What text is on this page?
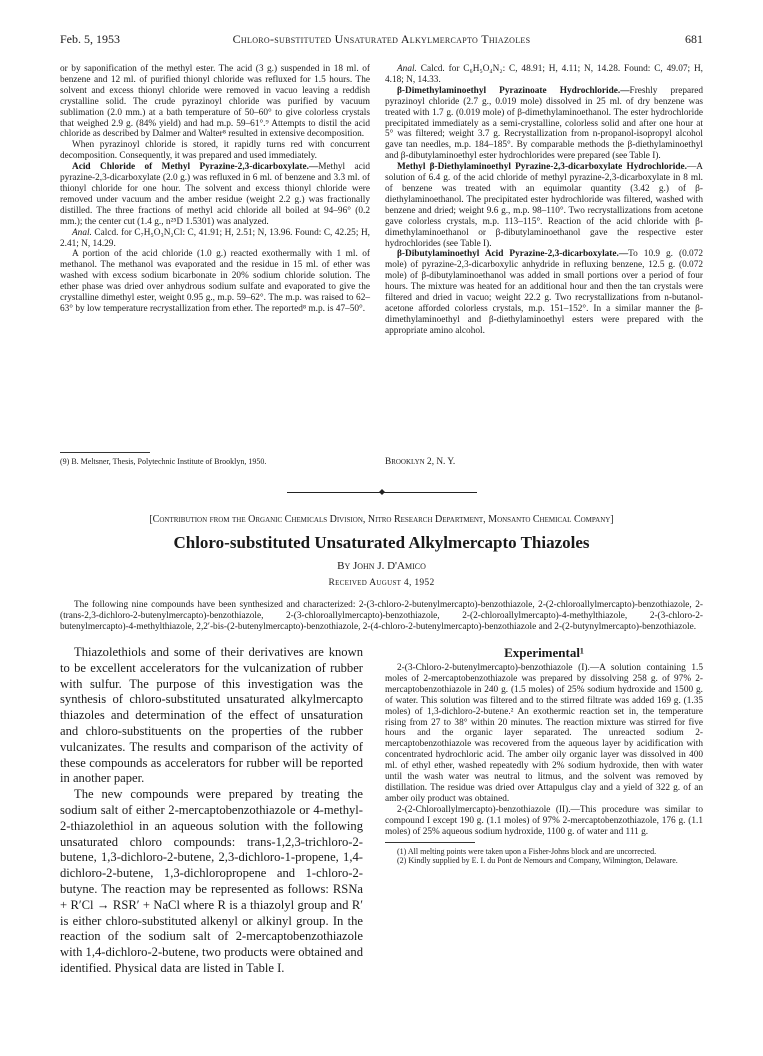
Feb. 5, 1953	Chloro-substituted Unsaturated Alkylmercapto Thiazoles	681

or by saponification of the methyl ester. The acid (3 g.) suspended in 18 ml. of benzene and 12 ml. of purified thionyl chloride was refluxed for 1.5 hours. The solvent and excess thionyl chloride were removed in vacuo leaving a reddish crystalline solid. The crude pyrazinoyl chloride was purified by vacuum sublimation (2.0 mm.) at a bath temperature of 50–60° to give colorless crystals that weighed 2.9 g. (84% yield) and had m.p. 59–61°.⁹ Attempts to distil the acid chloride as described by Dalmer and Walter⁸ resulted in extensive decomposition.

When pyrazinoyl chloride is stored, it rapidly turns red with concurrent decomposition. Consequently, it was prepared and used immediately.

Acid Chloride of Methyl Pyrazine-2,3-dicarboxylate.—Methyl acid pyrazine-2,3-dicarboxylate (2.0 g.) was refluxed in 6 ml. of benzene and 3.3 ml. of thionyl chloride for one hour. The solvent and excess thionyl chloride were removed under vacuum and the amber residue (weight 2.2 g.) was fractionally distilled. The three fractions of methyl acid chloride all boiled at 94–96° (0.2 mm.); the center cut (1.4 g., n²⁵D 1.5301) was analyzed.

Anal. Calcd. for C₇H₅O₃N₂Cl: C, 41.91; H, 2.51; N, 13.96. Found: C, 42.25; H, 2.41; N, 14.29.

A portion of the acid chloride (1.0 g.) reacted exothermally with 1 ml. of methanol. The methanol was evaporated and the residue in 15 ml. of ether was washed with excess sodium bicarbonate in 20% sodium chloride solution. The ether phase was dried over anhydrous sodium sulfate and evaporated to give the crystalline dimethyl ester, weight 0.95 g., m.p. 59–62°. The m.p. was raised to 62–63° by low temperature recrystallization from ether. The reported⁸ m.p. is 47–50°.

(9) B. Meltsner, Thesis, Polytechnic Institute of Brooklyn, 1950.

Anal. Calcd. for C₆H₅O₄N₂: C, 48.91; H, 4.11; N, 14.28. Found: C, 49.07; H, 4.18; N, 14.33.

β-Dimethylaminoethyl Pyrazinoate Hydrochloride.—Freshly prepared pyrazinoyl chloride (2.7 g., 0.019 mole) dissolved in 25 ml. of dry benzene was treated with 1.7 g. (0.019 mole) of β-dimethylaminoethanol. The ester hydrochloride precipitated immediately as a semi-crystalline, colorless solid and after one hour at 5° was filtered; weight 3.7 g. Recrystallization from n-propanol-isopropyl alcohol gave tan needles, m.p. 184–185°. By comparable methods the β-diethylaminoethyl and β-dibutylaminoethyl ester hydrochlorides were prepared (see Table I).

Methyl β-Diethylaminoethyl Pyrazine-2,3-dicarboxylate Hydrochloride.—A solution of 6.4 g. of the acid chloride of methyl pyrazine-2,3-dicarboxylate in 8 ml. of benzene was treated with an equimolar quantity (3.42 g.) of β-diethylaminoethanol. The precipitated ester hydrochloride was filtered, washed with benzene and dried; weight 9.6 g., m.p. 98–110°. Two recrystallizations from acetone gave colorless crystals, m.p. 113–115°. Reaction of the acid chloride with β-dimethylaminoethanol or β-dibutylaminoethanol gave the respective ester hydrochlorides (see Table I).

β-Dibutylaminoethyl Acid Pyrazine-2,3-dicarboxylate.—To 10.9 g. (0.072 mole) of pyrazine-2,3-dicarboxylic anhydride in refluxing benzene, 12.5 g. (0.072 mole) of β-dibutylaminoethanol was added in small portions over a period of four hours. The mixture was heated for an additional hour and then the tan crystals were filtered and dried in vacuo; weight 22.2 g. Two recrystallizations from n-butanol-acetone afforded colorless crystals, m.p. 151–152°. In a similar manner the β-dimethylaminoethyl and β-diethylaminoethyl esters were prepared with the appropriate amino alcohol.

Brooklyn 2, N. Y.
[Contribution from the Organic Chemicals Division, Nitro Research Department, Monsanto Chemical Company]
Chloro-substituted Unsaturated Alkylmercapto Thiazoles
By John J. D'Amico
Received August 4, 1952

The following nine compounds have been synthesized and characterized: 2-(3-chloro-2-butenylmercapto)-benzothiazole, 2-(2-chloroallylmercapto)-benzothiazole, 2-(trans-2,3-dichloro-2-butenylmercapto)-benzothiazole, 2-(3-chloroallylmercapto)-benzothiazole, 2-(2-chloroallylmercapto)-4-methylthiazole, 2-(3-chloro-2-butenylmercapto)-4-methylthiazole, 2,2′-bis-(2-butenylmercapto)-benzothiazole, 2-(4-chloro-2-butenylmercapto)-benzothiazole and 2-(2-butynylmercapto)-benzothiazole.

Thiazolethiols and some of their derivatives are known to be excellent accelerators for the vulcanization of rubber with sulfur. The purpose of this investigation was the synthesis of chloro-substituted unsaturated alkylmercapto thiazoles and determination of the effect of unsaturation and chloro-substituents on the properties of the rubber vulcanizates. The results and comparison of the activity of these compounds as accelerators for rubber will be reported in another paper.

The new compounds were prepared by treating the sodium salt of either 2-mercaptobenzothiazole or 4-methyl-2-thiazolethiol in an aqueous solution with the following unsaturated chloro compounds: trans-1,2,3-trichloro-2-butene, 1,3-dichloro-2-butene, 2,3-dichloro-1-propene, 1,4-dichloro-2-butene, 1,3-dichloropropene and 1-chloro-2-butyne. The reaction may be represented as follows: RSNa + R′Cl → RSR′ + NaCl where R is a thiazolyl group and R′ is either chloro-substituted alkenyl or alkinyl group. In the reaction of the sodium salt of 2-mercaptobenzothiazole with 1,4-dichloro-2-butene, two products were obtained and identified. Physical data are listed in Table I.

Experimental¹

2-(3-Chloro-2-butenylmercapto)-benzothiazole (I).—A solution containing 1.5 moles of 2-mercaptobenzothiazole was prepared by dissolving 258 g. of 97% 2-mercaptobenzothiazole in 240 g. (1.5 moles) of 25% sodium hydroxide and 1500 g. of water. This solution was filtered and to the stirred filtrate was added 169 g. (1.35 moles) of 1,3-dichloro-2-butene.² An exothermic reaction set in, the temperature rising from 27 to 38° within 20 minutes. The reaction mixture was stirred for five hours and the organic layer separated. The unreacted sodium 2-mercaptobenzothiazole was recovered from the aqueous layer by acidification with concentrated hydrochloric acid. The amber oily organic layer was dissolved in 400 ml. of ethyl ether, washed repeatedly with 2% sodium hydroxide, then with water until the wash water was neutral to litmus, and the solvent was removed by distillation. The residue was dried over Attapulgus clay and a yield of 322 g. of an amber oily product was obtained.

2-(2-Chloroallylmercapto)-benzothiazole (II).—This procedure was similar to compound I except 190 g. (1.1 moles) of 97% 2-mercaptobenzothiazole, 176 g. (1.1 moles) of 25% aqueous sodium hydroxide, 1100 g. of water and 111 g.

(1) All melting points were taken upon a Fisher-Johns block and are uncorrected.

(2) Kindly supplied by E. I. du Pont de Nemours and Company, Wilmington, Delaware.
